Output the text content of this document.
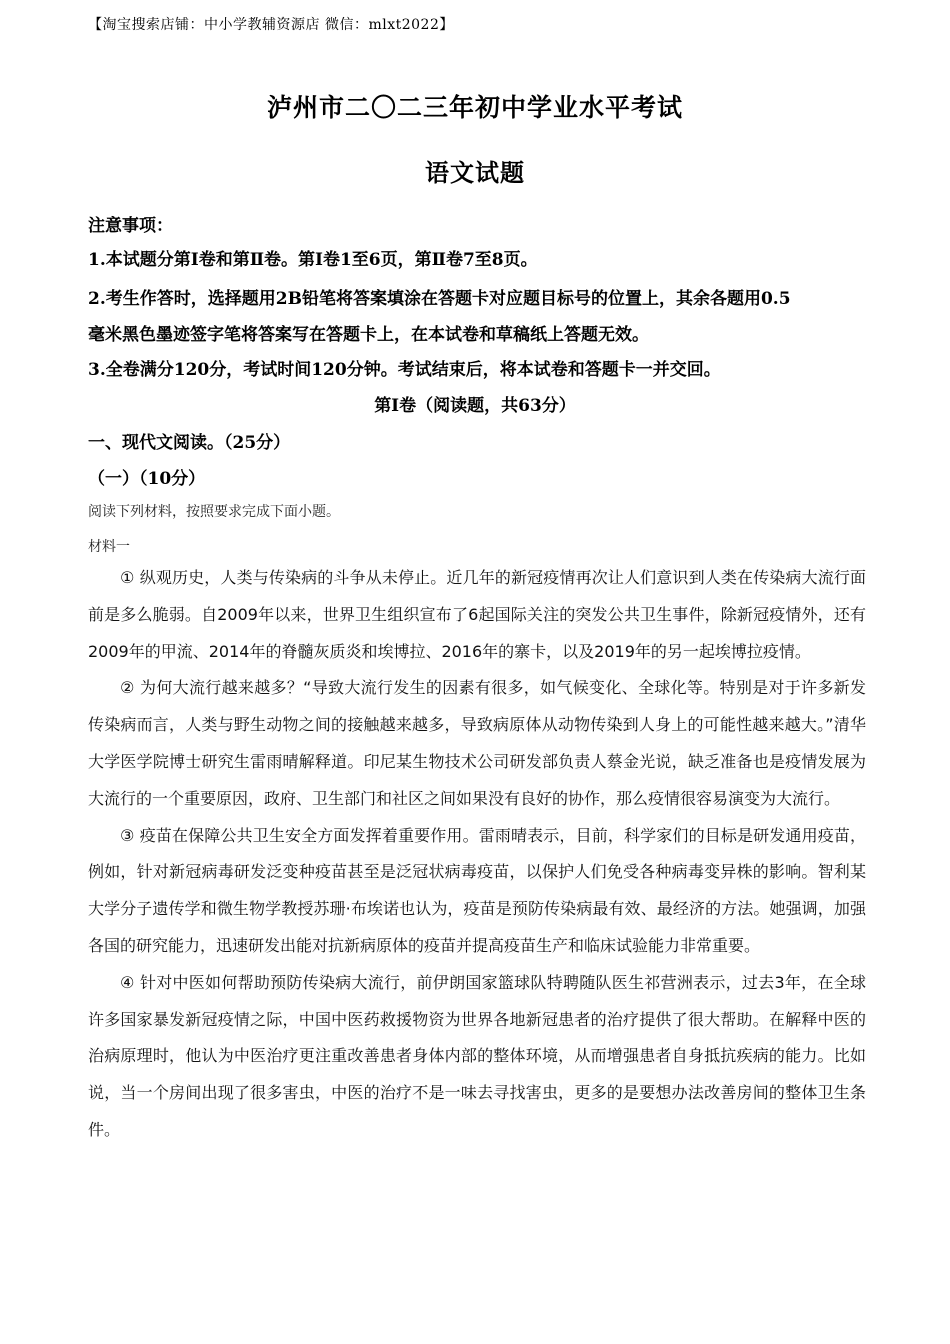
【淘宝搜索店铺：中小学教辅资源店 微信：mlxt2022】
泸州市二〇二三年初中学业水平考试
语文试题
注意事项：
1.本试题分第Ⅰ卷和第Ⅱ卷。第Ⅰ卷1至6页，第Ⅱ卷7至8页。
2.考生作答时，选择题用2B铅笔将答案填涂在答题卡对应题目标号的位置上，其余各题用0.5
毫米黑色墨迹签字笔将答案写在答题卡上，在本试卷和草稿纸上答题无效。
3.全卷满分120分，考试时间120分钟。考试结束后，将本试卷和答题卡一并交回。
第Ⅰ卷（阅读题，共63分）
一、现代文阅读。（25分）
（一）（10分）
阅读下列材料，按照要求完成下面小题。
材料一

① 纵观历史，人类与传染病的斗争从未停止。近几年的新冠疫情再次让人们意识到人类在传染病大流行面前是多么脆弱。自2009年以来，世界卫生组织宣布了6起国际关注的突发公共卫生事件，除新冠疫情外，还有2009年的甲流、2014年的脊髓灰质炎和埃博拉、2016年的寨卡，以及2019年的另一起埃博拉疫情。

② 为何大流行越来越多？“导致大流行发生的因素有很多，如气候变化、全球化等。特别是对于许多新发传染病而言，人类与野生动物之间的接触越来越多，导致病原体从动物传染到人身上的可能性越来越大。”清华大学医学院博士研究生雷雨晴解释道。印尼某生物技术公司研发部负责人蔡金光说，缺乏准备也是疫情发展为大流行的一个重要原因，政府、卫生部门和社区之间如果没有良好的协作，那么疫情很容易演变为大流行。

③ 疫苗在保障公共卫生安全方面发挥着重要作用。雷雨晴表示，目前，科学家们的目标是研发通用疫苗，例如，针对新冠病毒研发泛变种疫苗甚至是泛冠状病毒疫苗，以保护人们免受各种病毒变异株的影响。智利某大学分子遗传学和微生物学教授苏珊·布埃诺也认为，疫苗是预防传染病最有效、最经济的方法。她强调，加强各国的研究能力，迅速研发出能对抗新病原体的疫苗并提高疫苗生产和临床试验能力非常重要。

④ 针对中医如何帮助预防传染病大流行，前伊朗国家篮球队特聘随队医生祁营洲表示，过去3年，在全球许多国家暴发新冠疫情之际，中国中医药救援物资为世界各地新冠患者的治疗提供了很大帮助。在解释中医的治病原理时，他认为中医治疗更注重改善患者身体内部的整体环境，从而增强患者自身抵抗疾病的能力。比如说，当一个房间出现了很多害虫，中医的治疗不是一味去寻找害虫，更多的是要想办法改善房间的整体卫生条件。
